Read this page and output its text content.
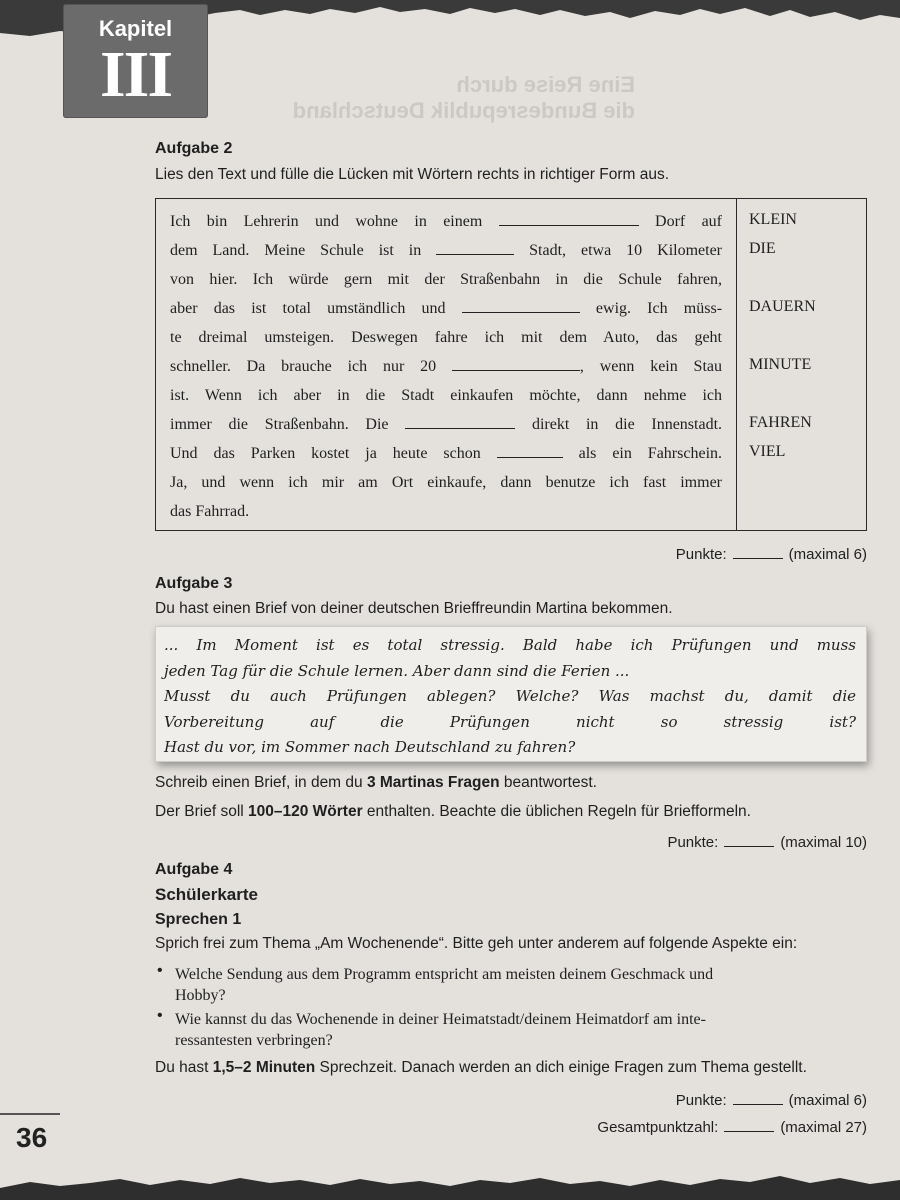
Eine Reise durch
die Bundesrepublik Deutschland
Kapitel
III
Aufgabe 2
Lies den Text und fülle die Lücken mit Wörtern rechts in richtiger Form aus.
Ich bin Lehrerin und wohne in einem	Dorf auf
dem Land. Meine Schule ist in	Stadt, etwa 10 Kilometer
von hier. Ich würde gern mit der Straßenbahn in die Schule fahren,
aber das ist total umständlich und	ewig. Ich müss-
te dreimal umsteigen. Deswegen fahre ich mit dem Auto, das geht
schneller. Da brauche ich nur 20	, wenn kein Stau
ist. Wenn ich aber in die Stadt einkaufen möchte, dann nehme ich
immer die Straßenbahn. Die	direkt in die Innenstadt.
Und das Parken kostet ja heute schon	als ein Fahrschein.
Ja, und wenn ich mir am Ort einkaufe, dann benutze ich fast immer
das Fahrrad.
KLEIN
DIE
DAUERN
MINUTE
FAHREN
VIEL
Punkte:	(maximal 6)
Aufgabe 3
Du hast einen Brief von deiner deutschen Brieffreundin Martina bekommen.
... Im Moment ist es total stressig. Bald habe ich Prüfungen und muss
jeden Tag für die Schule lernen. Aber dann sind die Ferien ...
Musst du auch Prüfungen ablegen? Welche? Was machst du, damit die
Vorbereitung auf die Prüfungen nicht so stressig ist?
Hast du vor, im Sommer nach Deutschland zu fahren?
Schreib einen Brief, in dem du 3 Martinas Fragen beantwortest.
Der Brief soll 100–120 Wörter enthalten. Beachte die üblichen Regeln für Briefformeln.
Punkte:	(maximal 10)
Aufgabe 4
Schülerkarte
Sprechen 1
Sprich frei zum Thema „Am Wochenende“. Bitte geh unter anderem auf folgende Aspekte ein:
• Welche Sendung aus dem Programm entspricht am meisten deinem Geschmack und
Hobby?
• Wie kannst du das Wochenende in deiner Heimatstadt/deinem Heimatdorf am inte-
ressantesten verbringen?
Du hast 1,5–2 Minuten Sprechzeit. Danach werden an dich einige Fragen zum Thema gestellt.
Punkte:	(maximal 6)
Gesamtpunktzahl:	(maximal 27)
36
